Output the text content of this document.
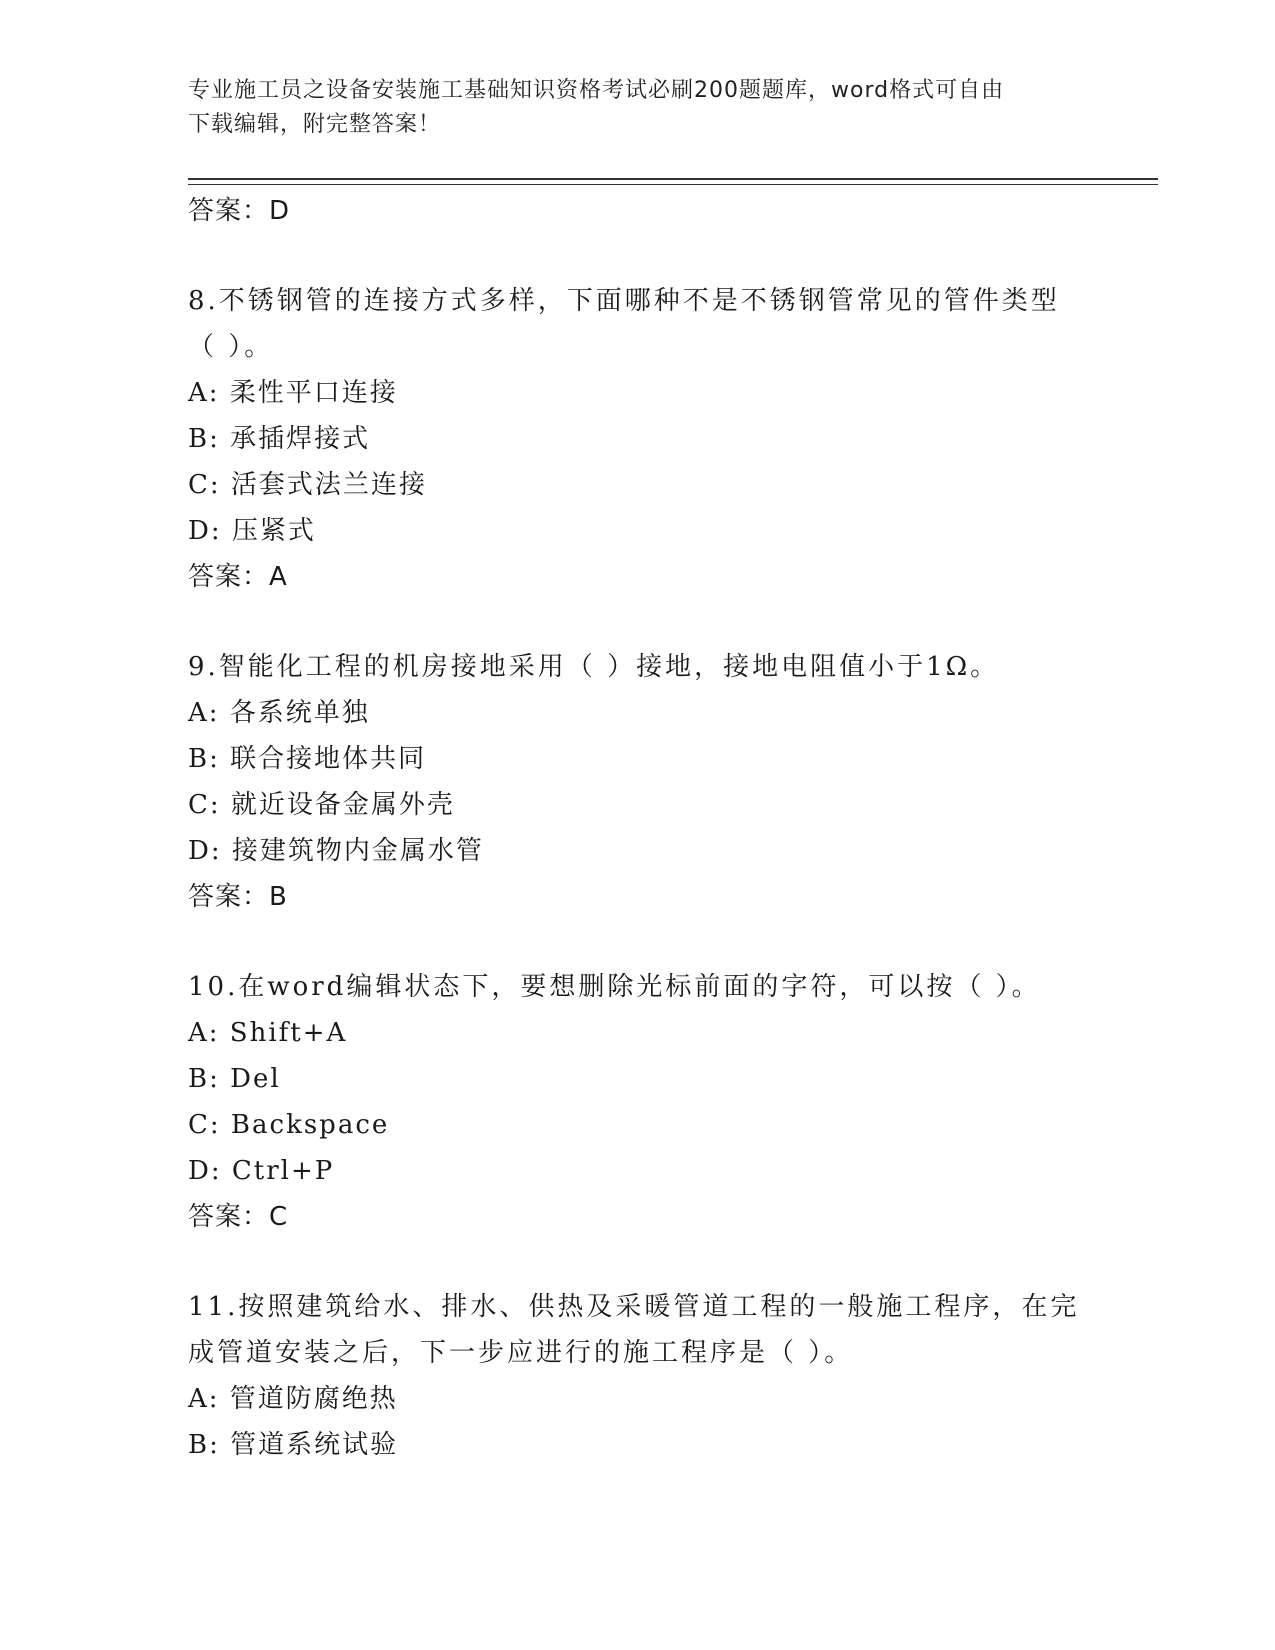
专业施工员之设备安装施工基础知识资格考试必刷200题题库，word格式可自由
下载编辑，附完整答案！
答案：D
8.不锈钢管的连接方式多样，下面哪种不是不锈钢管常见的管件类型
（ ）。
A: 柔性平口连接
B: 承插焊接式
C: 活套式法兰连接
D: 压紧式
答案：A
9.智能化工程的机房接地采用（ ）接地，接地电阻值小于1Ω。
A: 各系统单独
B: 联合接地体共同
C: 就近设备金属外壳
D: 接建筑物内金属水管
答案：B
10.在word编辑状态下，要想删除光标前面的字符，可以按（ ）。
A: Shift+A
B: Del
C: Backspace
D: Ctrl+P
答案：C
11.按照建筑给水、排水、供热及采暖管道工程的一般施工程序，在完
成管道安装之后，下一步应进行的施工程序是（ ）。
A: 管道防腐绝热
B: 管道系统试验
